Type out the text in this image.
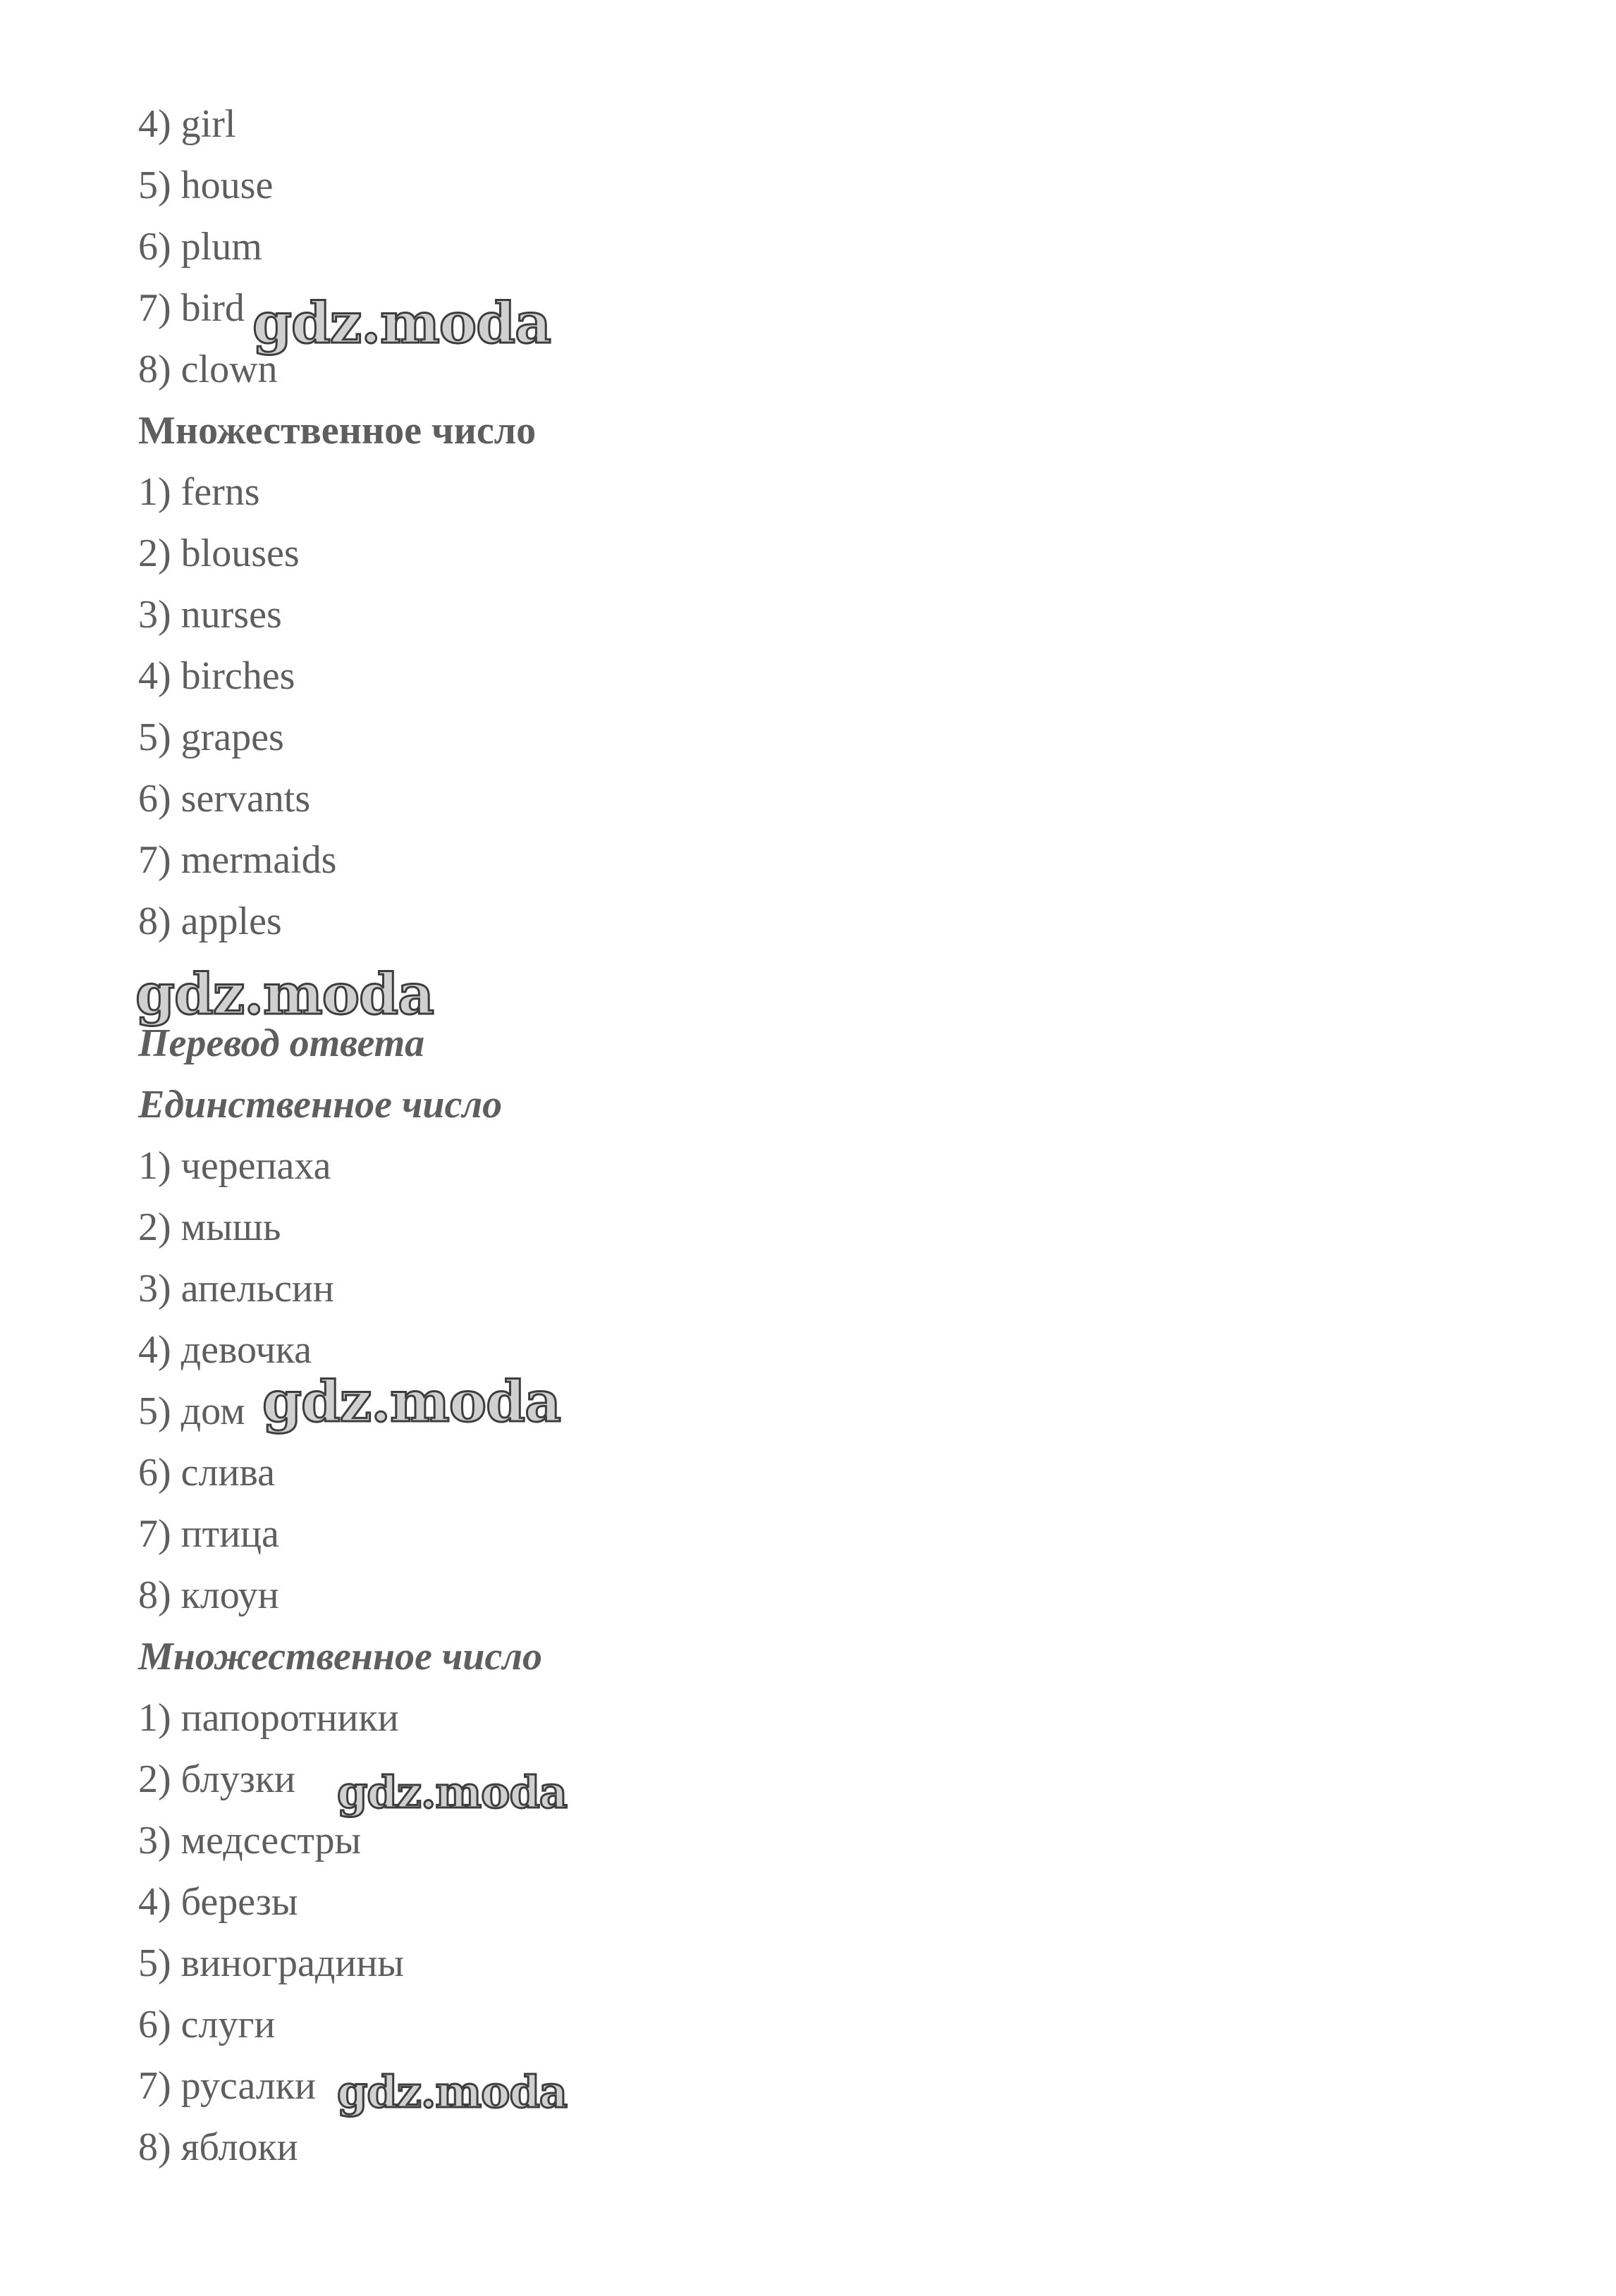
4) girl
5) house
6) plum
7) bird
8) clown
Множественное число
1) ferns
2) blouses
3) nurses
4) birches
5) grapes
6) servants
7) mermaids
8) apples
Перевод ответа
Единственное число
1) черепаха
2) мышь
3) апельсин
4) девочка
5) дом
6) слива
7) птица
8) клоун
Множественное число
1) папоротники
2) блузки
3) медсестры
4) березы
5) виноградины
6) слуги
7) русалки
8) яблоки
gdz.moda
gdz.moda
gdz.moda
gdz.moda
gdz.moda
